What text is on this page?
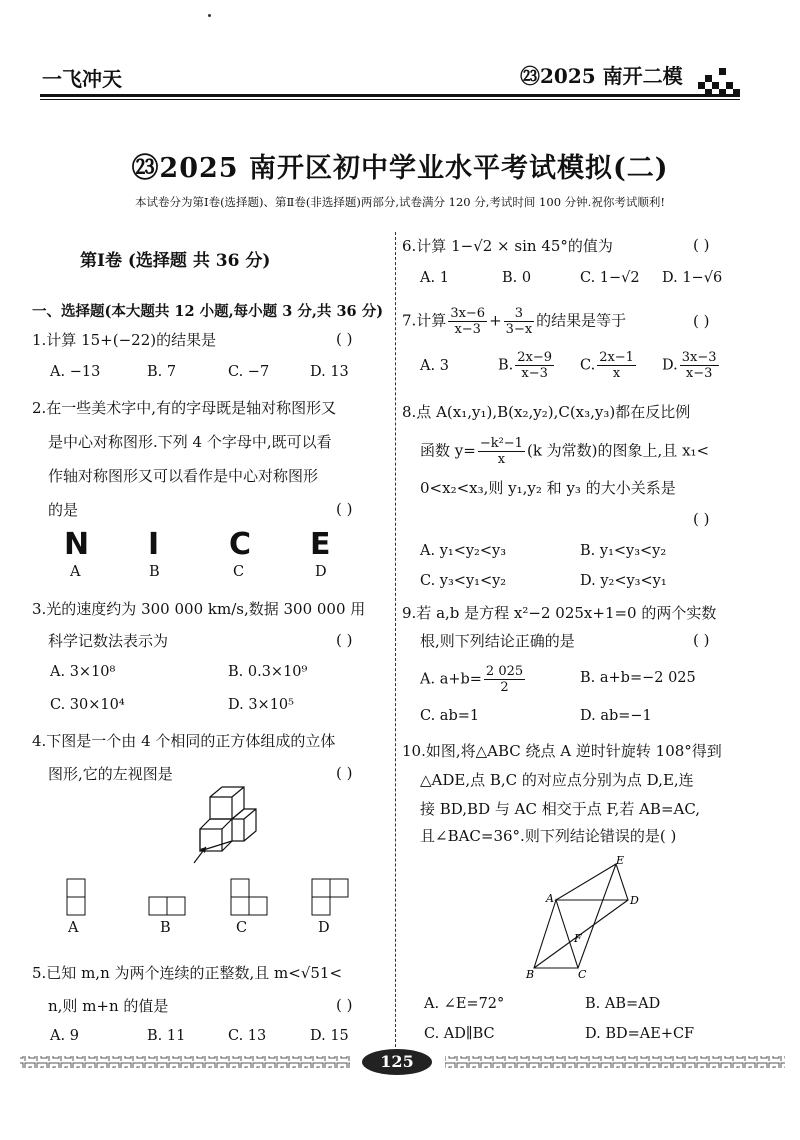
一飞冲天	㉓2025 南开二模
㉓2025 南开区初中学业水平考试模拟(二)
本试卷分为第Ⅰ卷(选择题)、第Ⅱ卷(非选择题)两部分,试卷满分 120 分,考试时间 100 分钟.祝你考试顺利!
第Ⅰ卷 (选择题 共 36 分)
一、选择题(本大题共 12 小题,每小题 3 分,共 36 分)
1.计算 15+(−22)的结果是	( )
A. −13	B. 7	C. −7	D. 13
2.在一些美术字中,有的字母既是轴对称图形又
是中心对称图形.下列 4 个字母中,既可以看
作轴对称图形又可以看作是中心对称图形
的是	( )
N I C E
A	B	C	D
3.光的速度约为 300 000 km/s,数据 300 000 用
科学记数法表示为	( )
A. 3×10⁸	B. 0.3×10⁹
C. 30×10⁴	D. 3×10⁵
4.下图是一个由 4 个相同的正方体组成的立体
图形,它的左视图是	( )
A	B	C	D
5.已知 m,n 为两个连续的正整数,且 m<√51<
n,则 m+n 的值是	( )
A. 9	B. 11	C. 13	D. 15
6.计算 1−√2 × sin 45°的值为	( )
A. 1	B. 0	C. 1−√2 D. 1−√6
7.计算 $\frac{3x-6}{x-3} + \frac{3}{3-x}$ 的结果是等于	( )
A. 3	B. $\frac{2x-9}{x-3} C$. $\frac{2x-1}{x} D$. $\frac{3x-3}{x-3}$
8.点 A(x₁,y₁),B(x₂,y₂),C(x₃,y₃)都在反比例
函数 $y= \frac{\text{−k²−1}}{x} (k$ 为常数)的图象上,且 x₁<
0<x₂<x₃,则 y₁,y₂ 和 y₃ 的大小关系是
( )
A. y₁<y₂<y₃	B. y₁<y₃<y₂
C. y₃<y₁<y₂	D. y₂<y₃<y₁
9.若 a,b 是方程 x²−2 025x+1=0 的两个实数
根,则下列结论正确的是	( )
A. $a+b= \frac{2 025}{2}$	B. a+b=−2 025
C. ab=1	D. ab=−1
10.如图,将△ABC 绕点 A 逆时针旋转 108°得到
△ADE,点 B,C 的对应点分别为点 D,E,连
接 BD,BD 与 AC 相交于点 F,若 AB=AC,
且∠BAC=36°.则下列结论错误的是( )
A
B	C
D
E
F
A. ∠E=72°	B. AB=AD
C. AD∥BC	D. BD=AE+CF
125
